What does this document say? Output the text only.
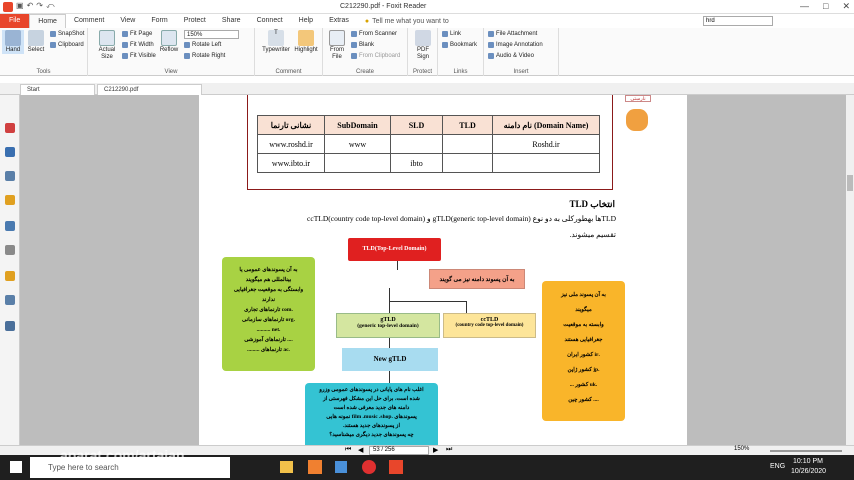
▣ ↶ ↷ ⤺	C212290.pdf - Foxit Reader	— □ ✕
File	Home	Comment	View	Form	Protect	Share	Connect	Help	Extras	● Tell me what you want to	hrd
Hand	Select
SnapShot
Clipboard
Tools
Actual Size
Fit Page
Fit Width
Fit Visible
Reflow
150%
Rotate Left
Rotate Right
View
T
Typewriter Highlight
Comment
From File
From Scanner
Blank
From Clipboard
Create
PDF Sign
Protect
Link
Bookmark
Links
File Attachment
Image Annotation
Audio & Video
Insert
Start	C212290.pdf
نشانی تارنما	SubDomain	SLD	TLD	نام دامنه (Domain Name)
www.roshd.ir	www			Roshd.ir
www.ibto.ir		ibto		
انتخاب TLD
TLDها بهطورکلی به دو نوع gTLD(generic top-level domain) و ccTLD(country code top-level domain)
تقسیم میشوند.
نارستی
TLD(Top-Level Domain)
به آن پسوند دامنه نیز می گویند
gTLD
(generic top-level domain)
ccTLD
(country code top-level domain)
New gTLD
به آن پسوندهای عمومی یا
بینالمللی هم میگویند
وابستگی به موقعیت جغرافیایی
ندارند
.com تارنماهای تجاری
.org تارنماهای سازمانی
.net ..........
.... تارنماهای آموزشی
.ac تارنماهای .........
به آن پسوند ملی نیز
میگویند
وابسته به موقعیت
جغرافیایی هستند
.ir کشور ایران
.jp کشور ژاپن
.uk کشور ...
.... کشور چین
اغلب نام های پایانی در پسوندهای عمومی وزرو
شده است، برای حل این مشکل فهرستی از
دامنه های جدید معرفی شده است
پسوندهای .film .music .shop نمونه هایی
از پسوندهای جدید هستند.
چه پسوندهای جدید دیگری میشناسید؟
⏮ ◀	53 / 256	▶ ⏭	150%
Type here to search
aparat.com/artajan
ENG
10:10 PM
10/26/2020
